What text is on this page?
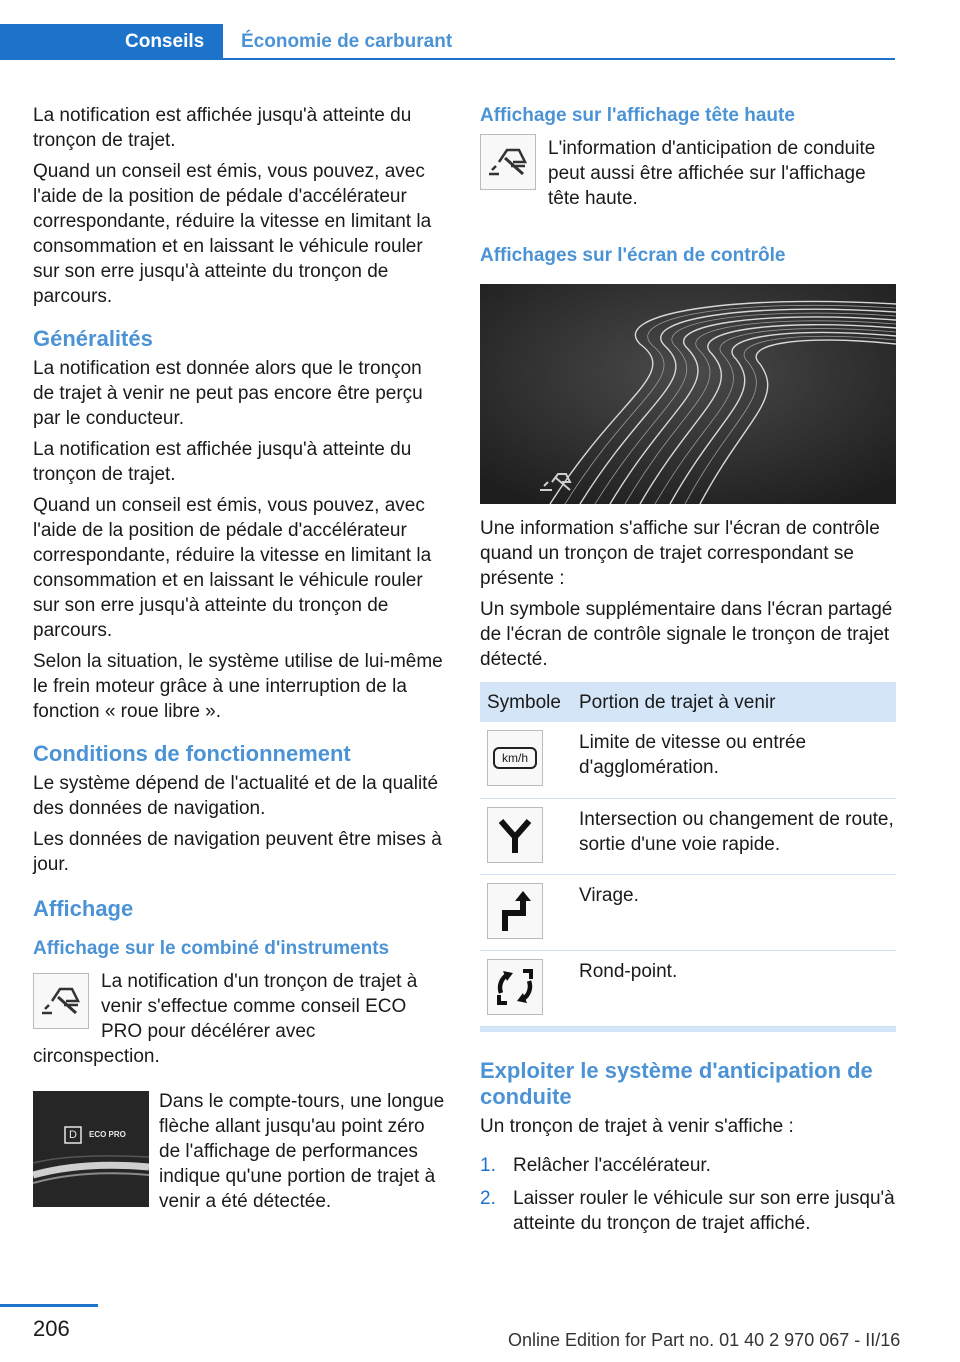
Conseils Économie de carburant

La notification est affichée jusqu'à atteinte du tronçon de trajet.

Quand un conseil est émis, vous pouvez, avec l'aide de la position de pédale d'accélérateur correspondante, réduire la vitesse en limitant la consommation et en laissant le véhicule rouler sur son erre jusqu'à atteinte du tronçon de parcours.

Généralités

La notification est donnée alors que le tronçon de trajet à venir ne peut pas encore être perçu par le conducteur.

La notification est affichée jusqu'à atteinte du tronçon de trajet.

Quand un conseil est émis, vous pouvez, avec l'aide de la position de pédale d'accélérateur correspondante, réduire la vitesse en limitant la consommation et en laissant le véhicule rouler sur son erre jusqu'à atteinte du tronçon de parcours.

Selon la situation, le système utilise de lui-même le frein moteur grâce à une interruption de la fonction « roue libre ».

Conditions de fonctionnement

Le système dépend de l'actualité et de la qualité des données de navigation.

Les données de navigation peuvent être mises à jour.

Affichage
Affichage sur le combiné d'instruments

La notification d'un tronçon de trajet à venir s'effectue comme conseil ECO PRO pour décélérer avec circonspection.

D ECO PRO

Dans le compte-tours, une longue flèche allant jusqu'au point zéro de l'affichage de performances indique qu'une portion de trajet à venir a été détectée.

Affichage sur l'affichage tête haute

L'information d'anticipation de conduite peut aussi être affichée sur l'affichage tête haute.

Affichages sur l'écran de contrôle

Une information s'affiche sur l'écran de contrôle quand un tronçon de trajet correspondant se présente :

Un symbole supplémentaire dans l'écran partagé de l'écran de contrôle signale le tronçon de trajet détecté.

Symbole	Portion de trajet à venir

km/h	Limite de vitesse ou entrée d'agglomération.

	Intersection ou changement de route, sortie d'une voie rapide.

	Virage.

	Rond-point.
Exploiter le système d'anticipation de conduite

Un tronçon de trajet à venir s'affiche :

1. Relâcher l'accélérateur.
2. Laisser rouler le véhicule sur son erre jusqu'à atteinte du tronçon de trajet affiché.
206	Online Edition for Part no. 01 40 2 970 067 - II/16
